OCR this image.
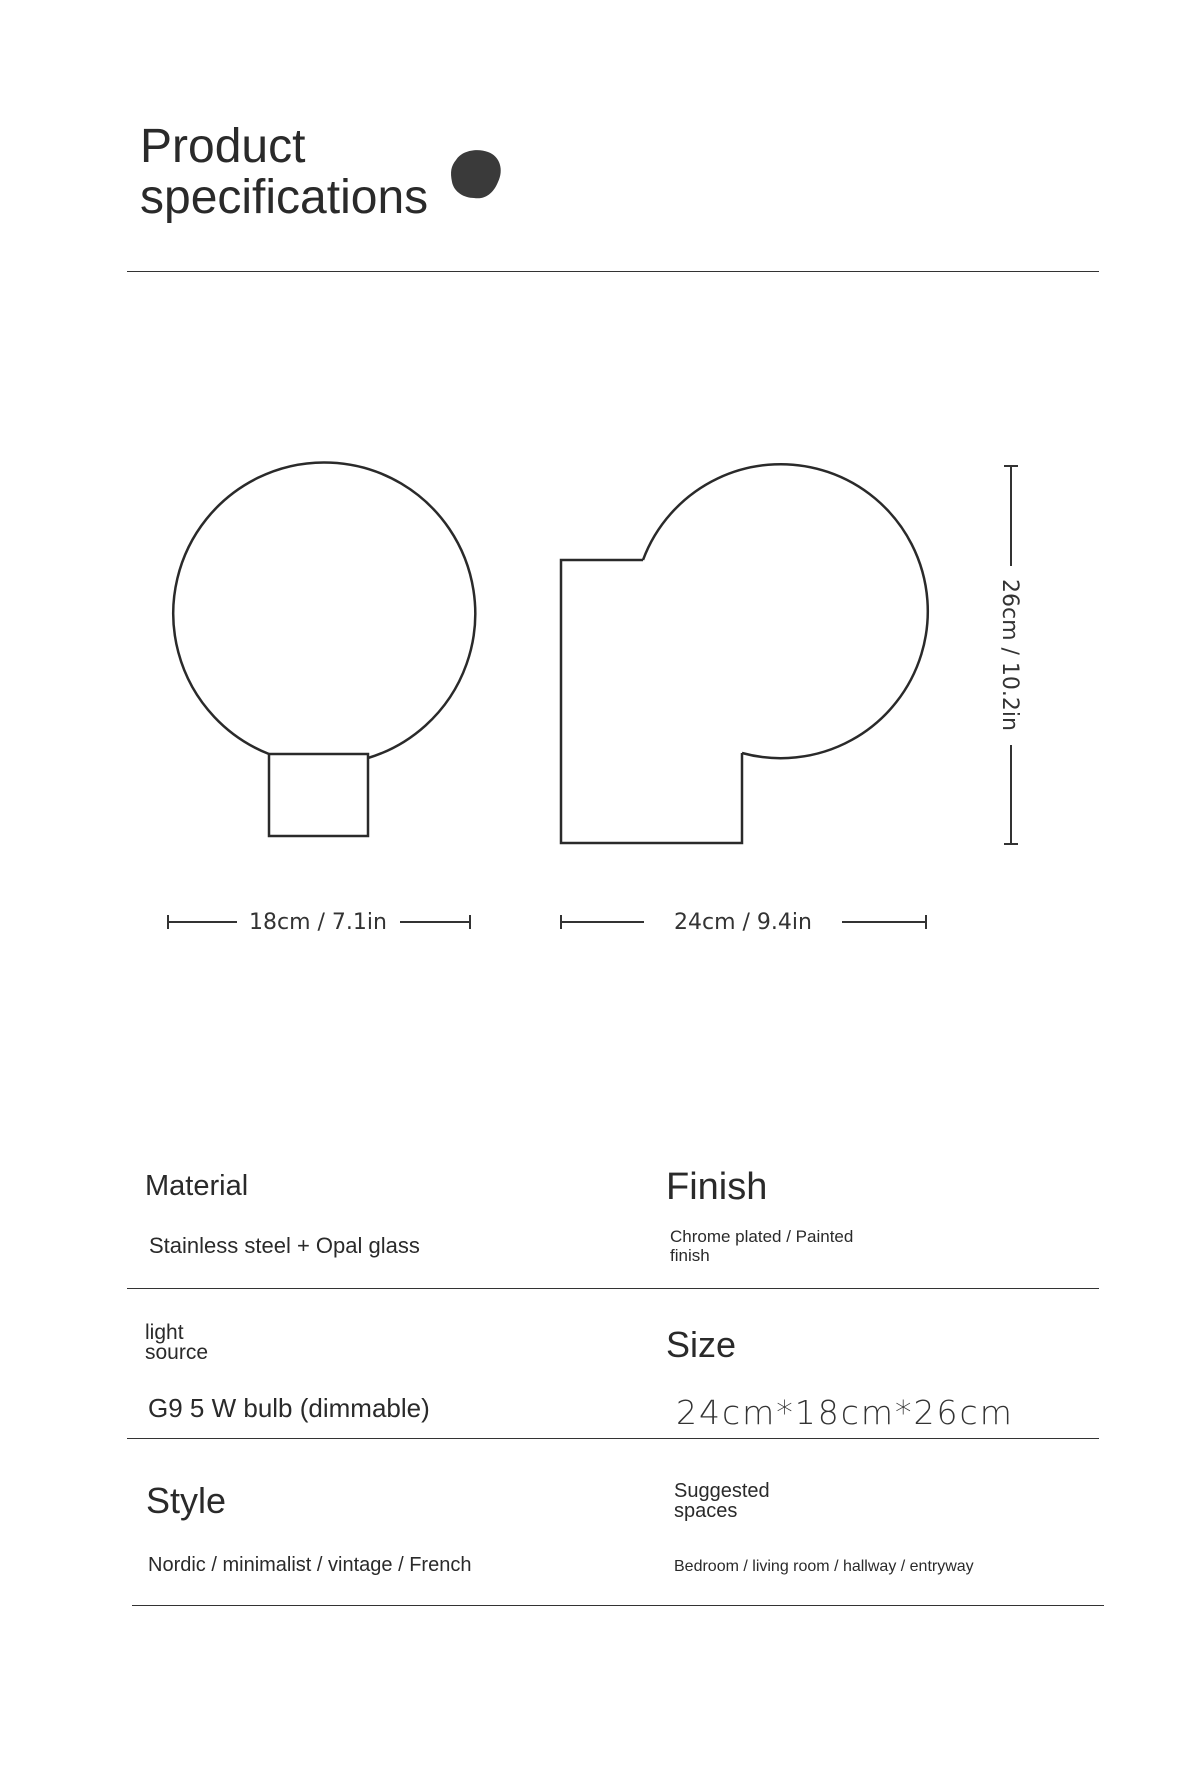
Product
specifications
18cm / 7.1in	24cm / 9.4in
26cm / 10.2in
Material	Finish
Stainless steel + Opal glass	Chrome plated / Painted finish
light source	Size
G9 5 W bulb (dimmable)	24cm*18cm*26cm
Style	Suggested spaces
Nordic / minimalist / vintage / French	Bedroom / living room / hallway / entryway
